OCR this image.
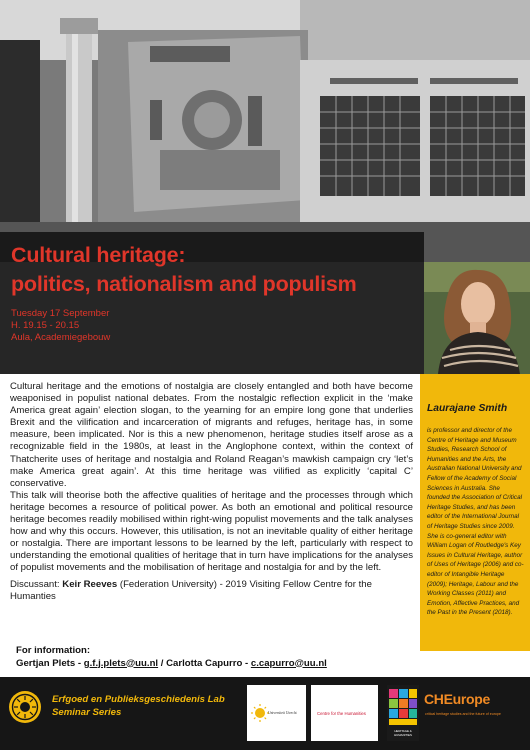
Cultural heritage:
politics, nationalism and populism
Tuesday 17 September
H. 19.15 - 20.15
Aula, Academiegebouw

Cultural heritage and the emotions of nostalgia are closely entangled and both have become weaponised in populist national debates. From the nostalgic reflection explicit in the ‘make America great again’ election slogan, to the yearning for an empire long gone that underlies Brexit and the vilification and incarceration of migrants and refuges, heritage has, in some measure, been implicated. Nor is this a new phenomenon, heritage studies itself arose as a recognizable field in the 1980s, at least in the Anglophone context, within the context of Thatcherite uses of heritage and nostalgia and Roland Reagan’s mawkish campaign cry ‘let’s make America great again’. At this time heritage was vilified as explicitly ‘capital C’ conservative.

This talk will theorise both the affective qualities of heritage and the processes through which heritage becomes a resource of political power. As both an emotional and political resource heritage becomes readily mobilised within right-wing populist movements and the talk analyses how and why this occurs. However, this utilisation, is not an inevitable quality of either heritage or nostalgia. There are important lessons to be learned by the left, particularly with respect to understanding the emotional qualities of heritage that in turn have implications for the analyses of populist movements and the mobilisation of heritage and nostalgia for and by the left.

Discussant: Keir Reeves (Federation University) - 2019 Visiting Fellow Centre for the Humanties
For information:
Gertjan Plets - g.f.j.plets@uu.nl / Carlotta Capurro - c.capurro@uu.nl
Laurajane Smith
is professor and director of the Centre of Heritage and Museum Studies, Research School of Humanities and the Arts, the Australian National University and Fellow of the Academy of Social Sciences in Australia. She founded the Association of Critical Heritage Studies, and has been editor of the International Journal of Heritage Studies since 2009. She is co-general editor with William Logan of Routledge's Key Issues in Cultural Heritage, author of Uses of Heritage (2006) and co-editor of Intangible Heritage (2009); Heritage, Labour and the Working Classes (2011) and Emotion, Affective Practices, and the Past in the Present (2018).
Erfgoed en Publieksgeschiedenis Lab
Seminar Series	Universiteit Utrecht	Centre for the Humanities
HERITAGE & HUMANITIES
CHEurope
critical heritage studies and the future of europe
